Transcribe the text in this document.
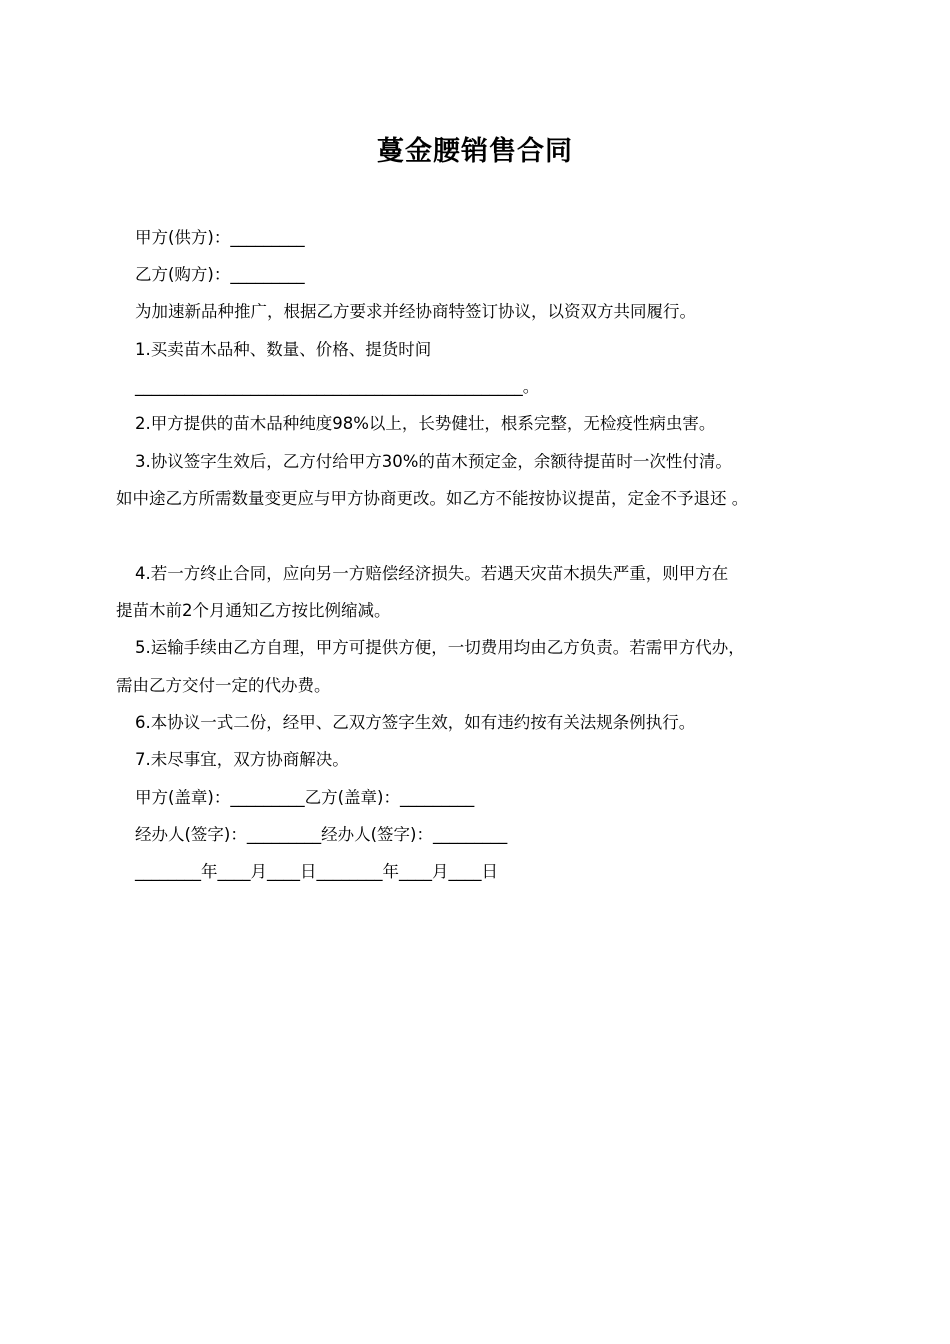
蔓金腰销售合同
甲方(供方)：_________
乙方(购方)：_________
为加速新品种推广，根据乙方要求并经协商特签订协议，以资双方共同履行。
1.买卖苗木品种、数量、价格、提货时间
_______________________________________________。
2.甲方提供的苗木品种纯度98%以上，长势健壮，根系完整，无检疫性病虫害。
3.协议签字生效后，乙方付给甲方30%的苗木预定金，余额待提苗时一次性付清。
如中途乙方所需数量变更应与甲方协商更改。如乙方不能按协议提苗，定金不予退还 。
4.若一方终止合同，应向另一方赔偿经济损失。若遇天灾苗木损失严重，则甲方在
提苗木前2个月通知乙方按比例缩减。
5.运输手续由乙方自理，甲方可提供方便，一切费用均由乙方负责。若需甲方代办，
需由乙方交付一定的代办费。
6.本协议一式二份，经甲、乙双方签字生效，如有违约按有关法规条例执行。
7.未尽事宜，双方协商解决。
甲方(盖章)：_________乙方(盖章)：_________
经办人(签字)：_________经办人(签字)：_________
________年____月____日________年____月____日
